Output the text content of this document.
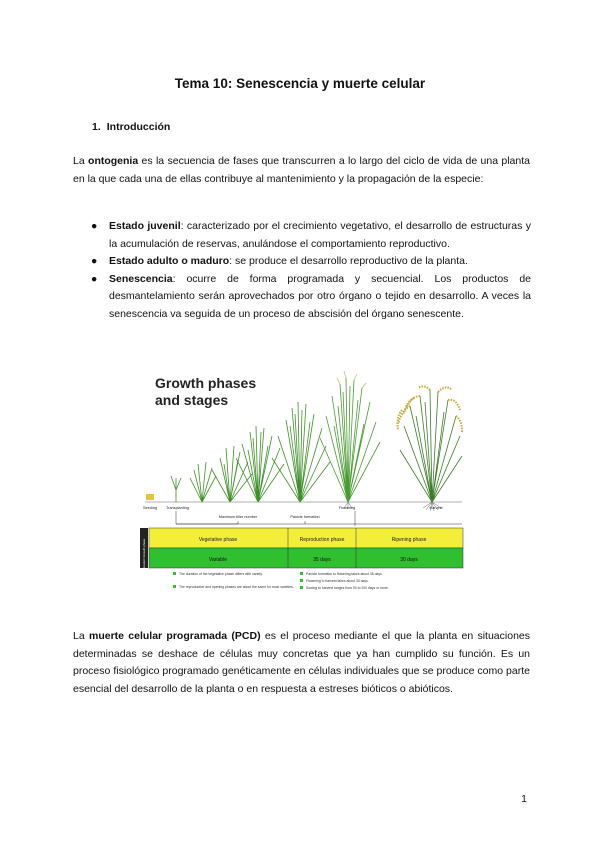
Tema 10: Senescencia y muerte celular
1. Introducción
La ontogenia es la secuencia de fases que transcurren a lo largo del ciclo de vida de una planta en la que cada una de ellas contribuye al mantenimiento y la propagación de la especie:
● Estado juvenil: caracterizado por el crecimiento vegetativo, el desarrollo de estructuras y la acumulación de reservas, anulándose el comportamiento reproductivo.
● Estado adulto o maduro: se produce el desarrollo reproductivo de la planta.
● Senescencia: ocurre de forma programada y secuencial. Los productos de desmantelamiento serán aprovechados por otro órgano o tejido en desarrollo. A veces la senescencia va seguida de un proceso de abscisión del órgano senescente.
Growth phases
and stages
Seeding Transplanting
Maximum tiller number	Panicle formation
Flowering	Harvest
Growth phase
Duration
Vegetative phase	Reproduction phase	Ripening phase
Variable	35 days	30 days
The duration of the vegetative phase differs with variety.
The reproductive and ripening phases are about the same for most varieties.
Panicle formation to flowering takes about 35 days
Flowering to harvest takes about 30 days.
Sowing to harvest ranges from 90 to 200 days or more.
La muerte celular programada (PCD) es el proceso mediante el que la planta en situaciones determinadas se deshace de células muy concretas que ya han cumplido su función. Es un proceso fisiológico programado genéticamente en células individuales que se produce como parte esencial del desarrollo de la planta o en respuesta a estreses bióticos o abióticos.
1
